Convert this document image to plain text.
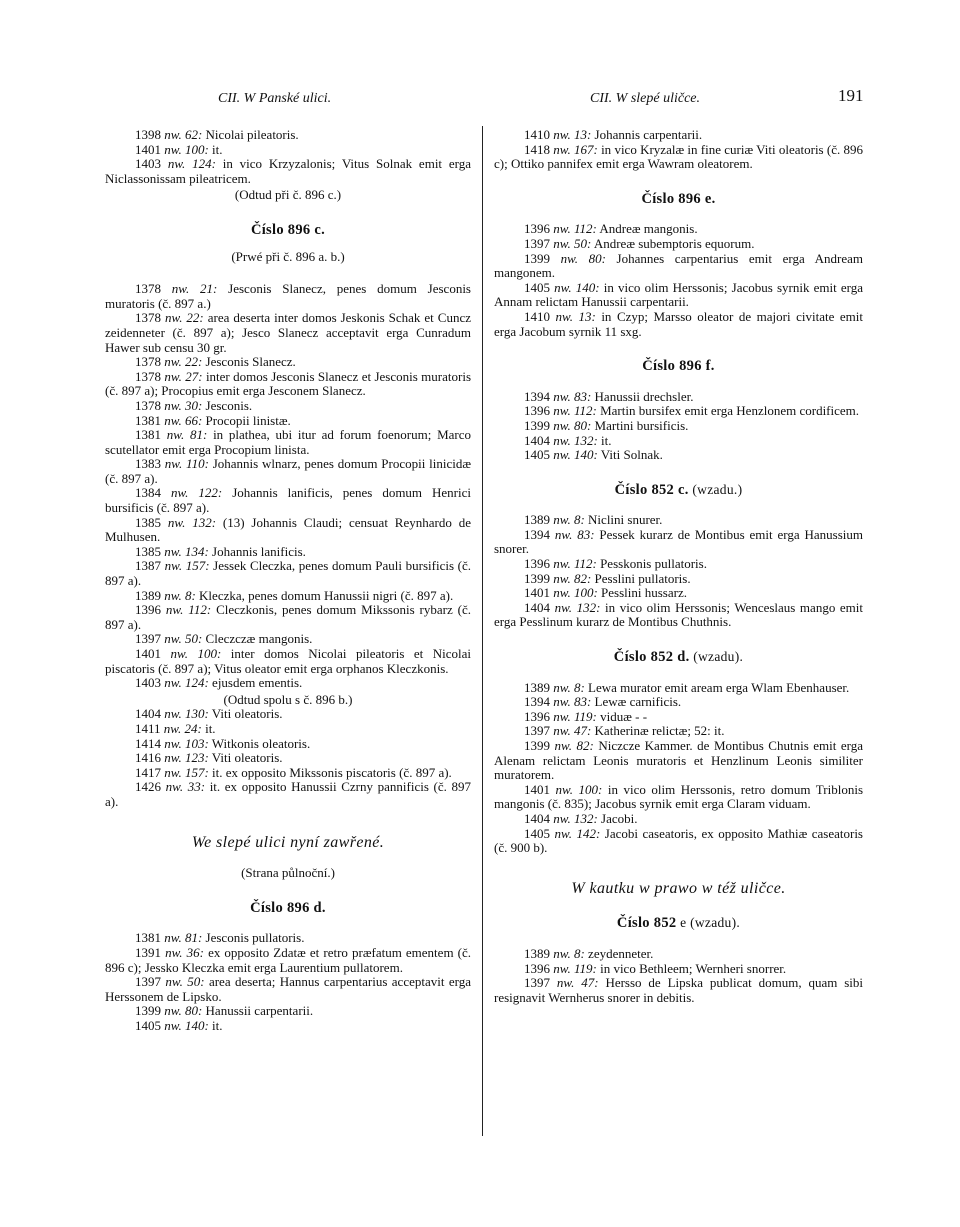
CII. W Panské ulici.	CII. W slepé uličce.	191

1398 nw. 62: Nicolai pileatoris.

1401 nw. 100: it.

1403 nw. 124: in vico Krzyzalonis; Vitus Solnak emit erga Niclassonissam pileatricem.

(Odtud při č. 896 c.)
Číslo 896 c.
(Prwé při č. 896 a. b.)

1378 nw. 21: Jesconis Slanecz, penes domum Jesconis muratoris (č. 897 a.)

1378 nw. 22: area deserta inter domos Jeskonis Schak et Cuncz zeidenneter (č. 897 a); Jesco Slanecz acceptavit erga Cunradum Hawer sub censu 30 gr.

1378 nw. 22: Jesconis Slanecz.

1378 nw. 27: inter domos Jesconis Slanecz et Jesconis muratoris (č. 897 a); Procopius emit erga Jesconem Slanecz.

1378 nw. 30: Jesconis.

1381 nw. 66: Procopii linistæ.

1381 nw. 81: in plathea, ubi itur ad forum foenorum; Marco scutellator emit erga Procopium linista.

1383 nw. 110: Johannis wlnarz, penes domum Procopii linicidæ (č. 897 a).

1384 nw. 122: Johannis lanificis, penes domum Henrici bursificis (č. 897 a).

1385 nw. 132: (13) Johannis Claudi; censuat Reynhardo de Mulhusen.

1385 nw. 134: Johannis lanificis.

1387 nw. 157: Jessek Cleczka, penes domum Pauli bursificis (č. 897 a).

1389 nw. 8: Kleczka, penes domum Hanussii nigri (č. 897 a).

1396 nw. 112: Cleczkonis, penes domum Mikssonis rybarz (č. 897 a).

1397 nw. 50: Cleczczæ mangonis.

1401 nw. 100: inter domos Nicolai pileatoris et Nicolai piscatoris (č. 897 a); Vitus oleator emit erga orphanos Kleczkonis.

1403 nw. 124: ejusdem ementis.

(Odtud spolu s č. 896 b.)

1404 nw. 130: Viti oleatoris.

1411 nw. 24: it.

1414 nw. 103: Witkonis oleatoris.

1416 nw. 123: Viti oleatoris.

1417 nw. 157: it. ex opposito Mikssonis piscatoris (č. 897 a).

1426 nw. 33: it. ex opposito Hanussii Czrny pannificis (č. 897 a).

We slepé ulici nyní zawřené.
(Strana půlnoční.)
Číslo 896 d.

1381 nw. 81: Jesconis pullatoris.

1391 nw. 36: ex opposito Zdatæ et retro præfatum ementem (č. 896 c); Jessko Kleczka emit erga Laurentium pullatorem.

1397 nw. 50: area deserta; Hannus carpentarius acceptavit erga Herssonem de Lipsko.

1399 nw. 80: Hanussii carpentarii.

1405 nw. 140: it.

1410 nw. 13: Johannis carpentarii.

1418 nw. 167: in vico Kryzalæ in fine curiæ Viti oleatoris (č. 896 c); Ottiko pannifex emit erga Wawram oleatorem.

Číslo 896 e.

1396 nw. 112: Andreæ mangonis.

1397 nw. 50: Andreæ subemptoris equorum.

1399 nw. 80: Johannes carpentarius emit erga Andream mangonem.

1405 nw. 140: in vico olim Herssonis; Jacobus syrnik emit erga Annam relictam Hanussii carpentarii.

1410 nw. 13: in Czyp; Marsso oleator de majori civitate emit erga Jacobum syrnik 11 sxg.

Číslo 896 f.

1394 nw. 83: Hanussii drechsler.

1396 nw. 112: Martin bursifex emit erga Henzlonem cordificem.

1399 nw. 80: Martini bursificis.

1404 nw. 132: it.

1405 nw. 140: Viti Solnak.

Číslo 852 c. (wzadu.)

1389 nw. 8: Niclini snurer.

1394 nw. 83: Pessek kurarz de Montibus emit erga Hanussium snorer.

1396 nw. 112: Pesskonis pullatoris.

1399 nw. 82: Pesslini pullatoris.

1401 nw. 100: Pesslini hussarz.

1404 nw. 132: in vico olim Herssonis; Wenceslaus mango emit erga Pesslinum kurarz de Montibus Chuthnis.

Číslo 852 d. (wzadu).

1389 nw. 8: Lewa murator emit aream erga Wlam Ebenhauser.

1394 nw. 83: Lewæ carnificis.

1396 nw. 119: viduæ - -

1397 nw. 47: Katherinæ relictæ; 52: it.

1399 nw. 82: Niczcze Kammer. de Montibus Chutnis emit erga Alenam relictam Leonis muratoris et Henzlinum Leonis similiter muratorem.

1401 nw. 100: in vico olim Herssonis, retro domum Triblonis mangonis (č. 835); Jacobus syrnik emit erga Claram viduam.

1404 nw. 132: Jacobi.

1405 nw. 142: Jacobi caseatoris, ex opposito Mathiæ caseatoris (č. 900 b).

W kautku w prawo w též uličce.
Číslo 852 e (wzadu).

1389 nw. 8: zeydenneter.

1396 nw. 119: in vico Bethleem; Wernheri snorrer.

1397 nw. 47: Hersso de Lipska publicat domum, quam sibi resignavit Wernherus snorer in debitis.
